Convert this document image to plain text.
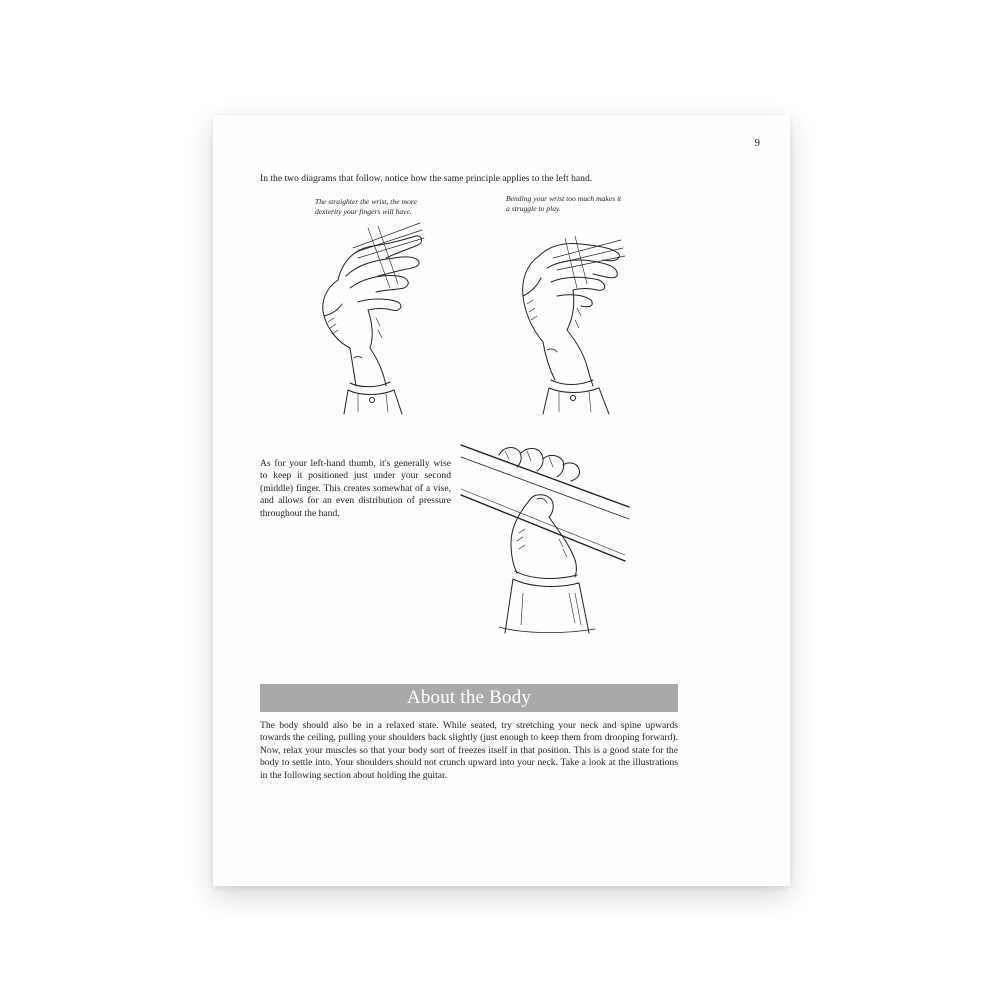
9
In the two diagrams that follow, notice how the same principle applies to the left hand.
The straighter the wrist, the more dexterity your fingers will have.
Bending your wrist too much makes it a struggle to play.
As for your left-hand thumb, it's generally wise to keep it positioned just under your second (middle) finger. This creates somewhat of a vise, and allows for an even distribution of pressure throughout the hand.
About the Body
The body should also be in a relaxed state. While seated, try stretching your neck and spine upwards towards the ceiling, pulling your shoulders back slightly (just enough to keep them from drooping forward). Now, relax your muscles so that your body sort of freezes itself in that position. This is a good state for the body to settle into. Your shoulders should not crunch upward into your neck. Take a look at the illustrations in the following section about holding the guitar.
